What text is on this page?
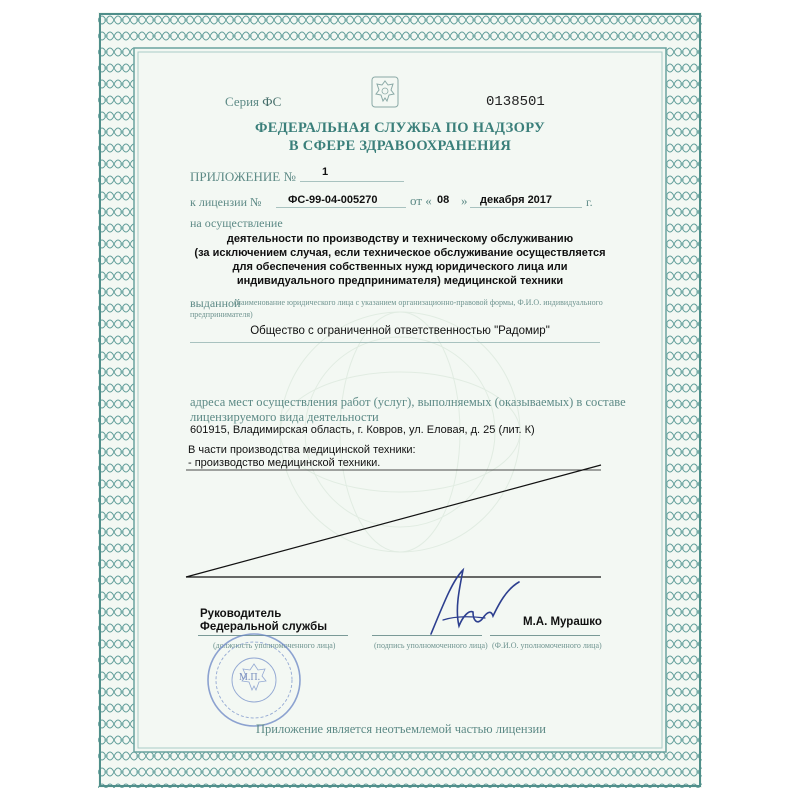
Серия ФС	0138501
ФЕДЕРАЛЬНАЯ СЛУЖБА ПО НАДЗОРУ
В СФЕРЕ ЗДРАВООХРАНЕНИЯ
ПРИЛОЖЕНИЕ № 1
к лицензии № ФС-99-04-005270	от « 08 » декабря 2017	г.
на осуществление
деятельности по производству и техническому обслуживанию
(за исключением случая, если техническое обслуживание осуществляется
для обеспечения собственных нужд юридического лица или
индивидуального предпринимателя) медицинской техники
выданной
(наименование юридического лица с указанием организационно-правовой формы, Ф.И.О. индивидуального
предпринимателя)
Общество с ограниченной ответственностью "Радомир"
адреса мест осуществления работ (услуг), выполняемых (оказываемых) в составе
лицензируемого вида деятельности
601915, Владимирская область, г. Ковров, ул. Еловая, д. 25 (лит. К)
В части производства медицинской техники:
- производство медицинской техники.
Руководитель
Федеральной службы
(должность уполномоченного лица)	(подпись уполномоченного лица)
М.А. Мурашко
(Ф.И.О. уполномоченного лица)
М.П.
Приложение является неотъемлемой частью лицензии
